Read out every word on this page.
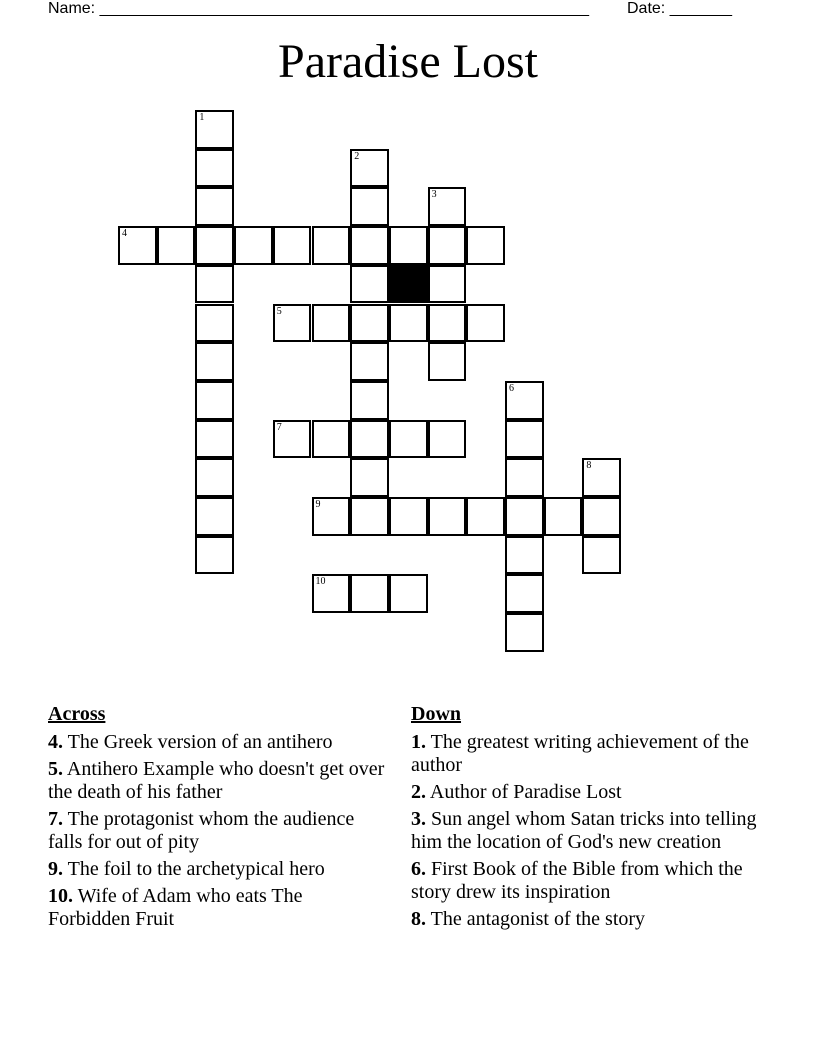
Name: _______________________________________________________ Date: _______
Paradise Lost
1
2
3
4
5
6
7
8
9
10
Across
4. The Greek version of an antihero
5. Antihero Example who doesn't get over the death of his father
7. The protagonist whom the audience falls for out of pity
9. The foil to the archetypical hero
10. Wife of Adam who eats The Forbidden Fruit
Down
1. The greatest writing achievement of the author
2. Author of Paradise Lost
3. Sun angel whom Satan tricks into telling him the location of God's new creation
6. First Book of the Bible from which the story drew its inspiration
8. The antagonist of the story
